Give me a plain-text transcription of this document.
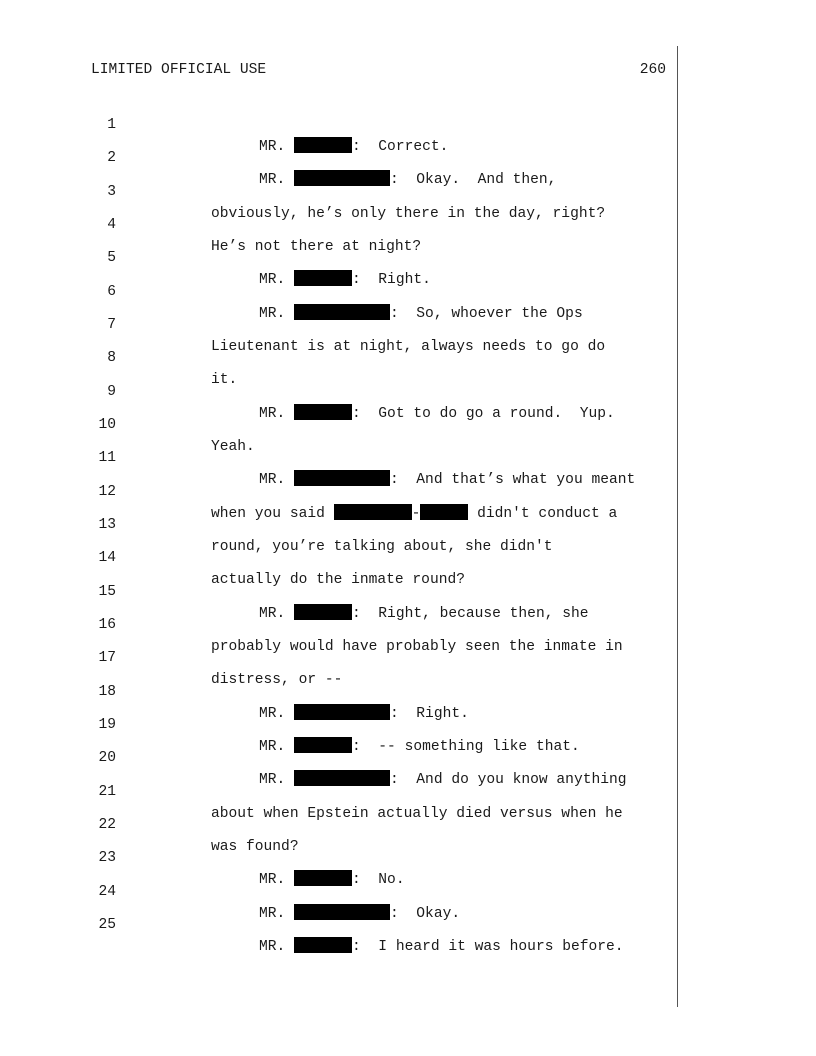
LIMITED OFFICIAL USE	260

1

MR.	:  Correct.

2

MR.	:  Okay.  And then,

3

obviously, he’s only there in the day, right?

4

He’s not there at night?

5

MR.	:  Right.

6

MR.	:  So, whoever the Ops

7

Lieutenant is at night, always needs to go do

8

it.

9

MR.	:  Got to do go a round.  Yup.

10

Yeah.

11

MR.	:  And that’s what you meant

12

when you said	-	didn't conduct a

13

round, you’re talking about, she didn't

14

actually do the inmate round?

15

MR.	:  Right, because then, she

16

probably would have probably seen the inmate in

17

distress, or --

18

MR.	:  Right.

19

MR.	:  -- something like that.

20

MR.	:  And do you know anything

21

about when Epstein actually died versus when he

22

was found?

23

MR.	:  No.

24

MR.	:  Okay.

25

MR.	:  I heard it was hours before.
